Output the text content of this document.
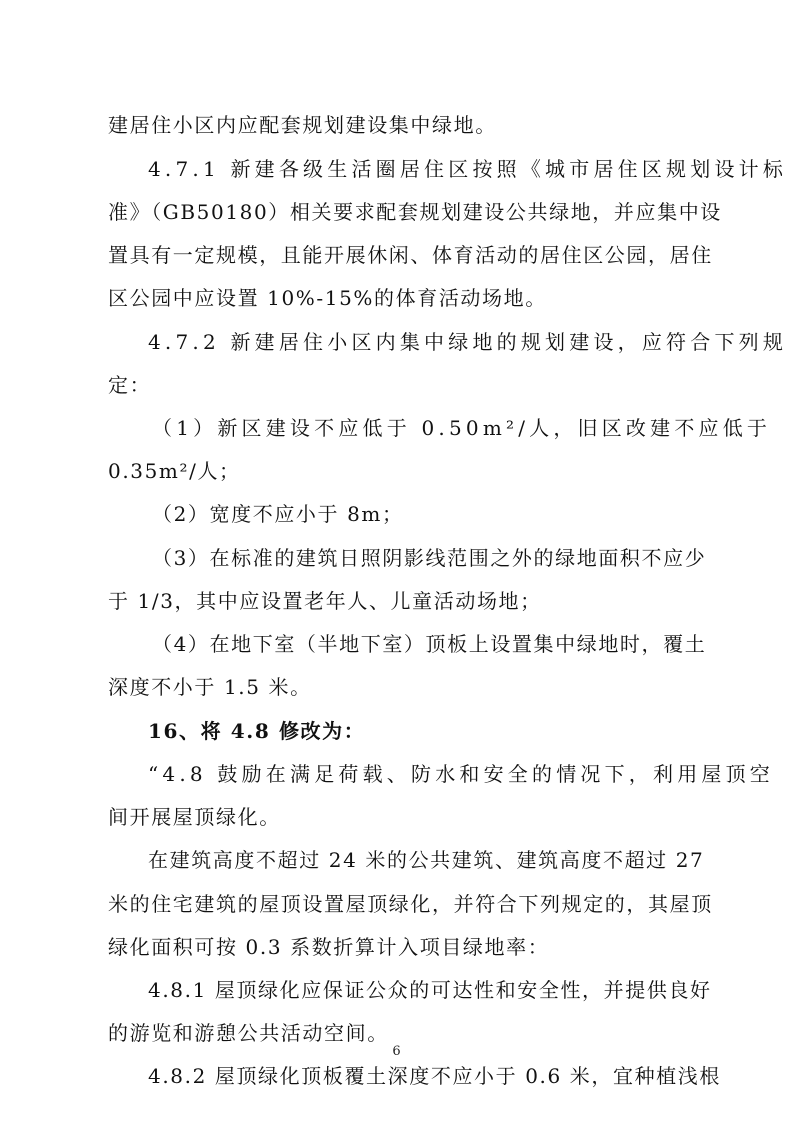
建居住小区内应配套规划建设集中绿地。
4.7.1 新建各级生活圈居住区按照《城市居住区规划设计标
准》（GB50180）相关要求配套规划建设公共绿地，并应集中设
置具有一定规模，且能开展休闲、体育活动的居住区公园，居住
区公园中应设置 10%-15%的体育活动场地。
4.7.2 新建居住小区内集中绿地的规划建设，应符合下列规
定：
（1）新区建设不应低于 0.50m²/人，旧区改建不应低于
0.35m²/人；
（2）宽度不应小于 8m；
（3）在标准的建筑日照阴影线范围之外的绿地面积不应少
于 1/3，其中应设置老年人、儿童活动场地；
（4）在地下室（半地下室）顶板上设置集中绿地时，覆土
深度不小于 1.5 米。
16、将 4.8 修改为：
“4.8 鼓励在满足荷载、防水和安全的情况下，利用屋顶空
间开展屋顶绿化。
在建筑高度不超过 24 米的公共建筑、建筑高度不超过 27
米的住宅建筑的屋顶设置屋顶绿化，并符合下列规定的，其屋顶
绿化面积可按 0.3 系数折算计入项目绿地率：
4.8.1 屋顶绿化应保证公众的可达性和安全性，并提供良好
的游览和游憩公共活动空间。
4.8.2 屋顶绿化顶板覆土深度不应小于 0.6 米，宜种植浅根
6
